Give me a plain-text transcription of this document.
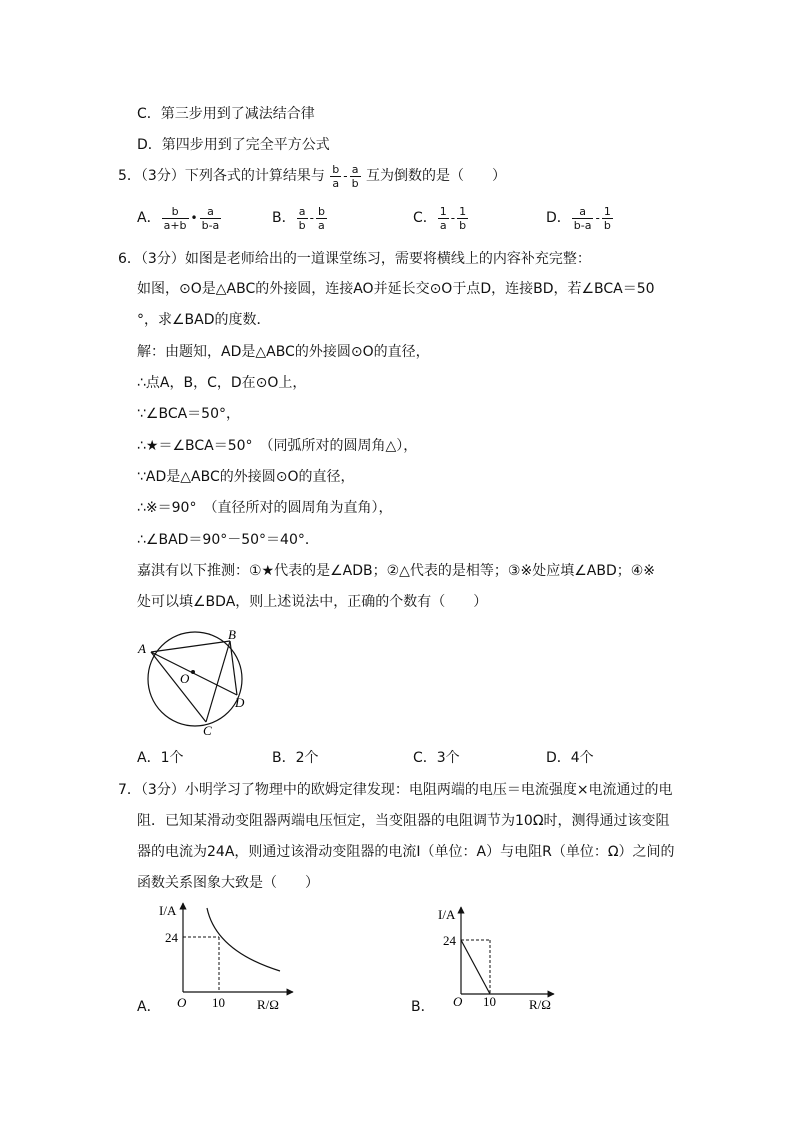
C．第三步用到了减法结合律
D．第四步用到了完全平方公式
5．（3分）下列各式的计算结果与 $\frac{b}{a} - \frac{a}{b}$ 互为倒数的是（　　）
A． $\frac{b}{a+b}$ • $\frac{a}{b-a}$	B． $\frac{a}{b} - \frac{b}{a}$	C． $\frac{1}{a} - \frac{1}{b}$	D． $\frac{a}{b-a} - \frac{1}{b}$
6．（3分）如图是老师给出的一道课堂练习，需要将横线上的内容补充完整：
如图，⊙O是△ABC的外接圆，连接AO并延长交⊙O于点D，连接BD，若∠BCA＝50
°，求∠BAD的度数．
解：由题知，AD是△ABC的外接圆⊙O的直径，
∴点A，B，C，D在⊙O上，
∵∠BCA＝50°，
∴★＝∠BCA＝50°　（同弧所对的圆周角△），
∵AD是△ABC的外接圆⊙O的直径，
∴※＝90°　（直径所对的圆周角为直角），
∴∠BAD＝90°－50°＝40°．
嘉淇有以下推测：①★代表的是∠ADB；②△代表的是相等；③※处应填∠ABD；④※
处可以填∠BDA，则上述说法中，正确的个数有（　　）
A
B
O
D
C
A．1个	B．2个	C．3个	D．4个
7．（3分）小明学习了物理中的欧姆定律发现：电阻两端的电压＝电流强度×电流通过的电
阻．已知某滑动变阻器两端电压恒定，当变阻器的电阻调节为10Ω时，测得通过该变阻
器的电流为24A，则通过该滑动变阻器的电流I（单位：A）与电阻R（单位：Ω）之间的
函数关系图象大致是（　　）
A．
I/A
24
O 10 R/Ω	B．
I/A
24
O 10	R/Ω
